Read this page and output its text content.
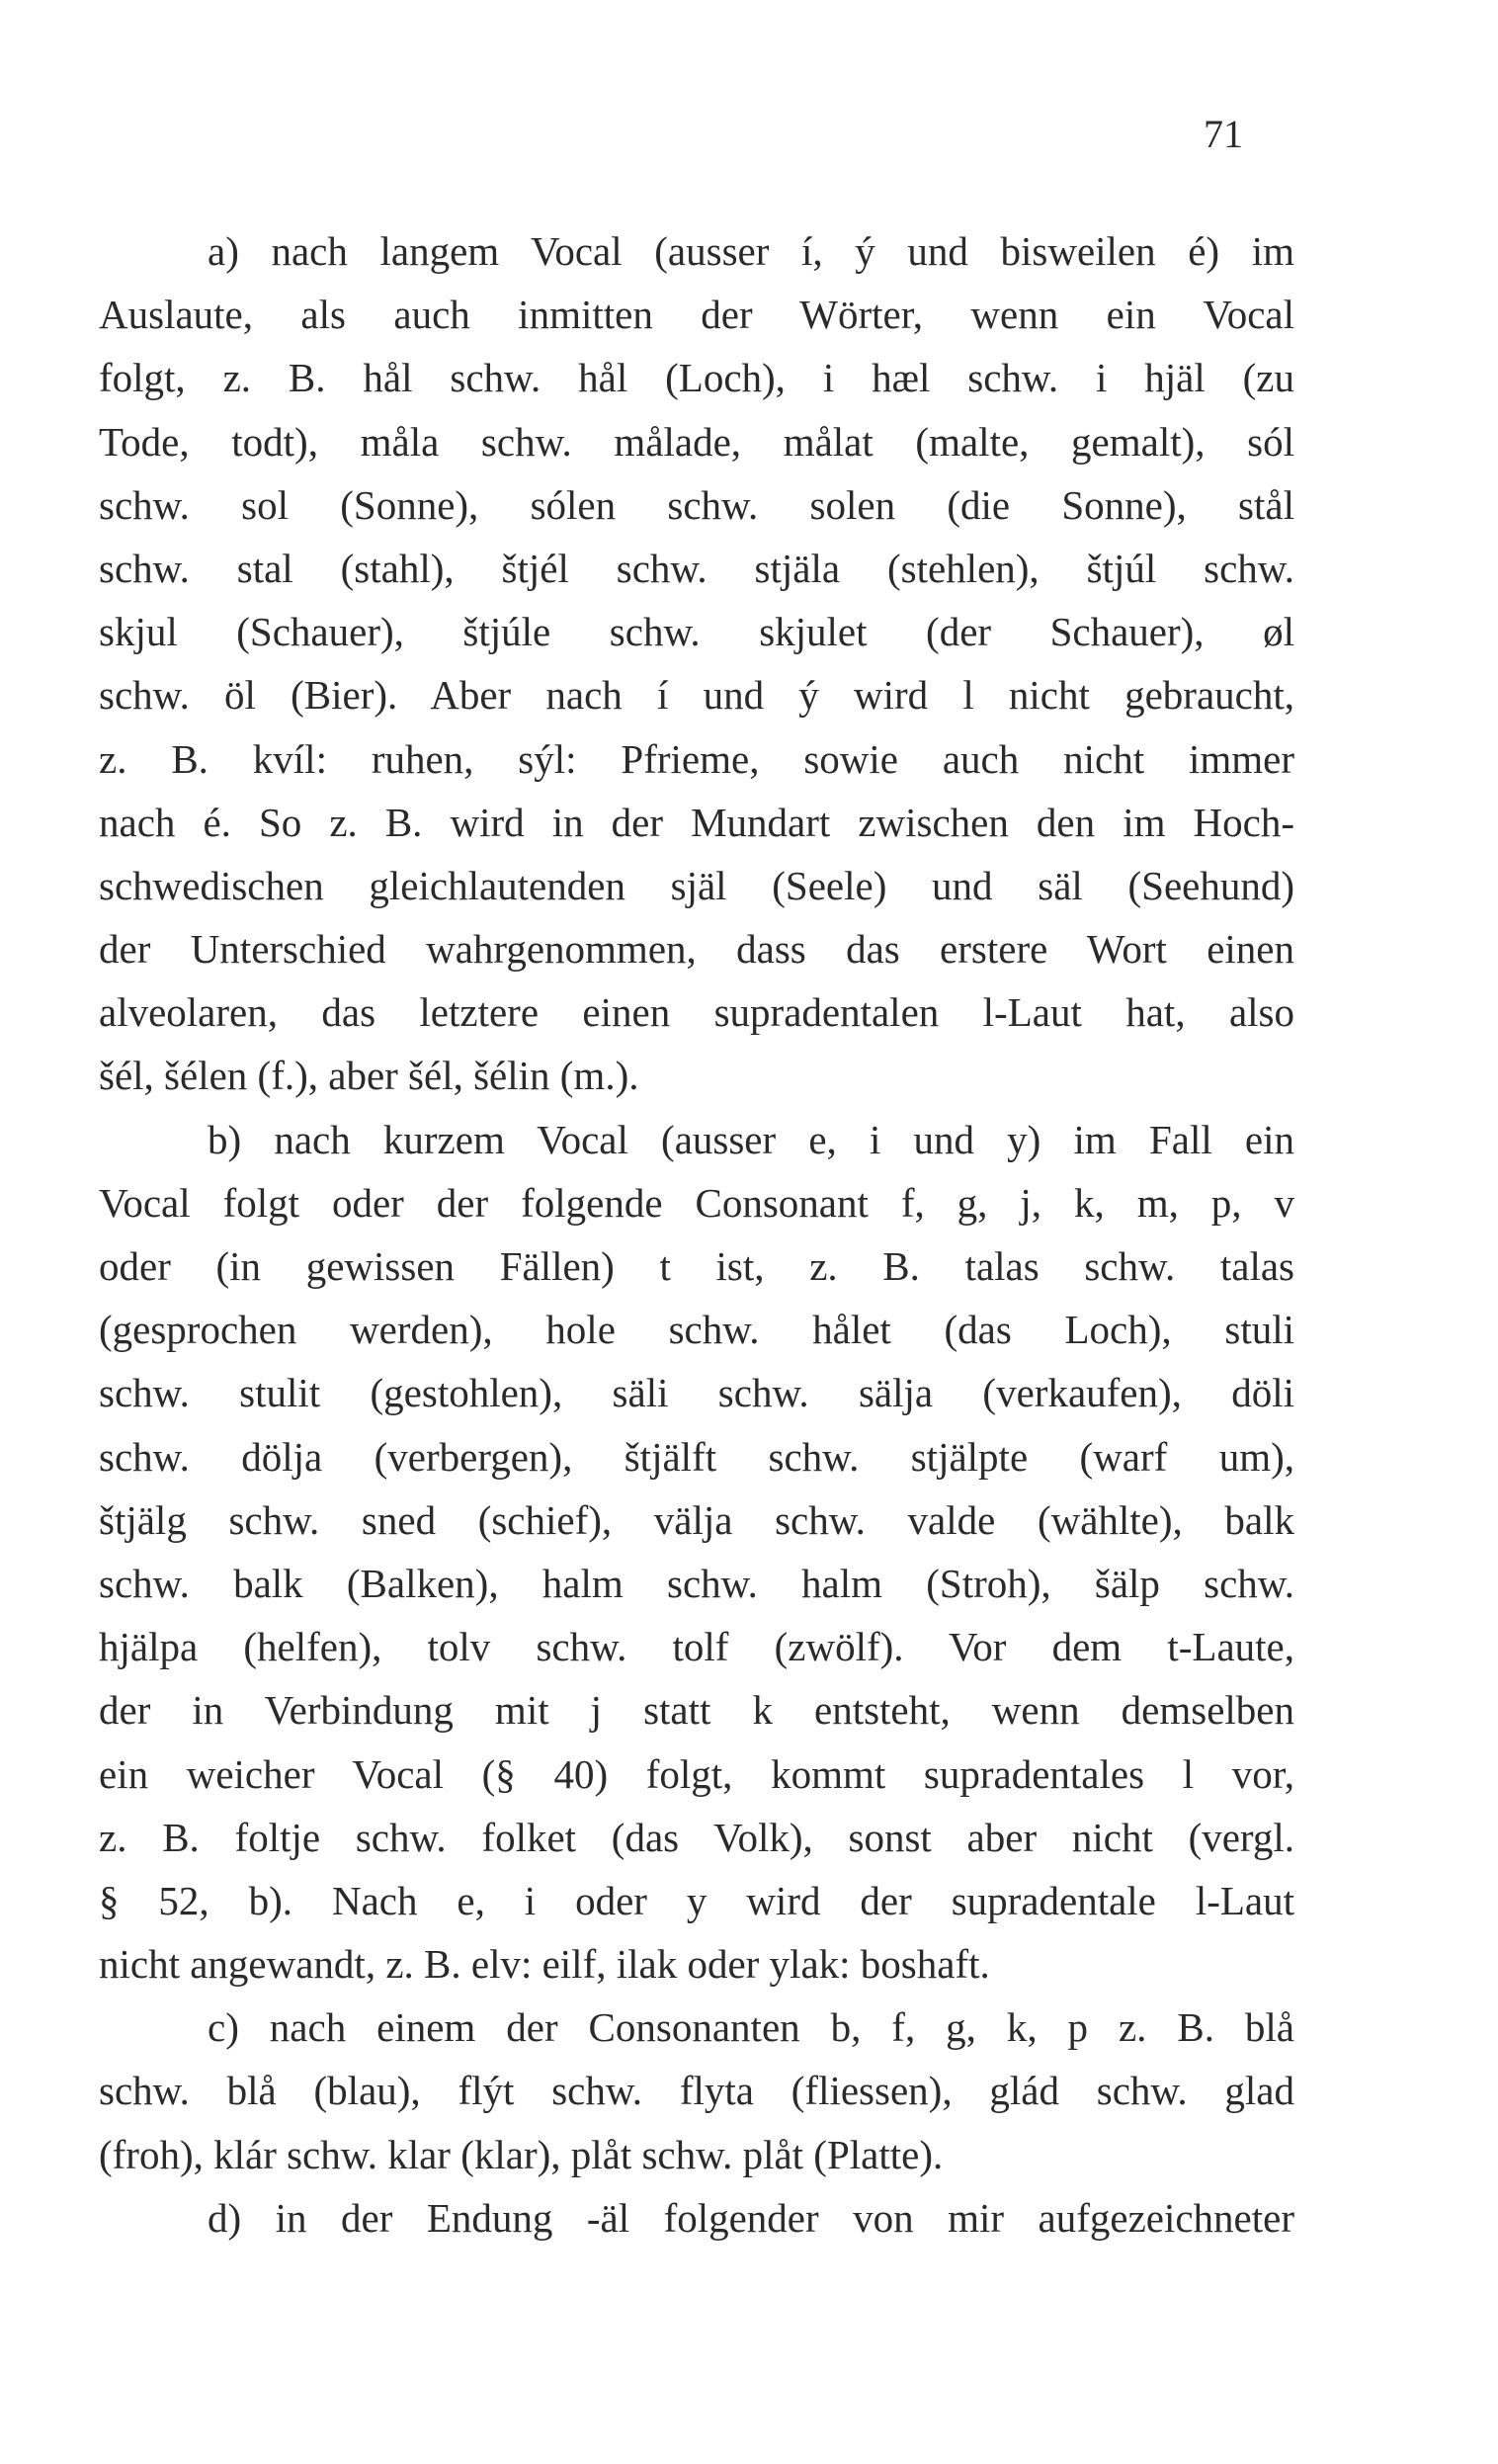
71
a) nach langem Vocal (ausser í, ý und bisweilen é) im
Auslaute, als auch inmitten der Wörter, wenn ein Vocal
folgt, z. B. hål schw. hål (Loch), i hæl schw. i hjäl (zu
Tode, todt), måla schw. målade, målat (malte, gemalt), sól
schw. sol (Sonne), sólen schw. solen (die Sonne), stål
schw. stal (stahl), štjél schw. stjäla (stehlen), štjúl schw.
skjul (Schauer), štjúle schw. skjulet (der Schauer), øl
schw. öl (Bier). Aber nach í und ý wird l nicht gebraucht,
z. B. kvíl: ruhen, sýl: Pfrieme, sowie auch nicht immer
nach é. So z. B. wird in der Mundart zwischen den im Hoch-
schwedischen gleichlautenden själ (Seele) und säl (Seehund)
der Unterschied wahrgenommen, dass das erstere Wort einen
alveolaren, das letztere einen supradentalen l-Laut hat, also
šél, šélen (f.), aber šél, šélin (m.).
b) nach kurzem Vocal (ausser e, i und y) im Fall ein
Vocal folgt oder der folgende Consonant f, g, j, k, m, p, v
oder (in gewissen Fällen) t ist, z. B. talas schw. talas
(gesprochen werden), hole schw. hålet (das Loch), stuli
schw. stulit (gestohlen), säli schw. sälja (verkaufen), döli
schw. dölja (verbergen), štjälft schw. stjälpte (warf um),
štjälg schw. sned (schief), välja schw. valde (wählte), balk
schw. balk (Balken), halm schw. halm (Stroh), šälp schw.
hjälpa (helfen), tolv schw. tolf (zwölf). Vor dem t-Laute,
der in Verbindung mit j statt k entsteht, wenn demselben
ein weicher Vocal (§ 40) folgt, kommt supradentales l vor,
z. B. foltje schw. folket (das Volk), sonst aber nicht (vergl.
§ 52, b). Nach e, i oder y wird der supradentale l-Laut
nicht angewandt, z. B. elv: eilf, ilak oder ylak: boshaft.
c) nach einem der Consonanten b, f, g, k, p z. B. blå
schw. blå (blau), flýt schw. flyta (fliessen), glád schw. glad
(froh), klár schw. klar (klar), plåt schw. plåt (Platte).
d) in der Endung -äl folgender von mir aufgezeichneter
